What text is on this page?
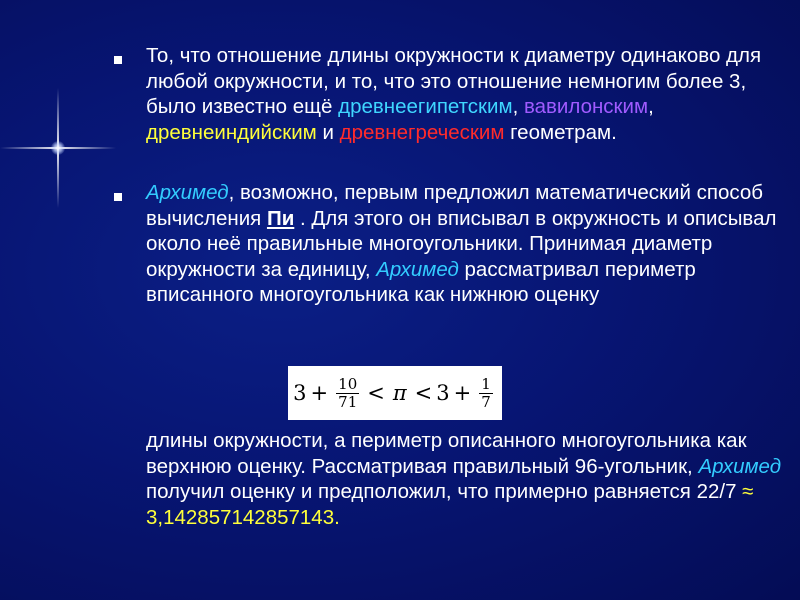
То, что отношение длины окружности к диаметру одинаково для любой окружности, и то, что это отношение немногим более 3, было известно ещё древнеегипетским, вавилонским, древнеиндийским и древнегреческим геометрам.
Архимед, возможно, первым предложил математический способ вычисления Пи . Для этого он вписывал в окружность и описывал около неё правильные многоугольники. Принимая диаметр окружности за единицу, Архимед рассматривал периметр вписанного многоугольника как нижнюю оценку
$3 + \frac{10}{71} < \pi < 3 + \frac{1}{7}$
длины окружности, а периметр описанного многоугольника как верхнюю оценку. Рассматривая правильный 96-угольник, Архимед получил оценку и предположил, что примерно равняется 22/7 ≈ 3,142857142857143.
